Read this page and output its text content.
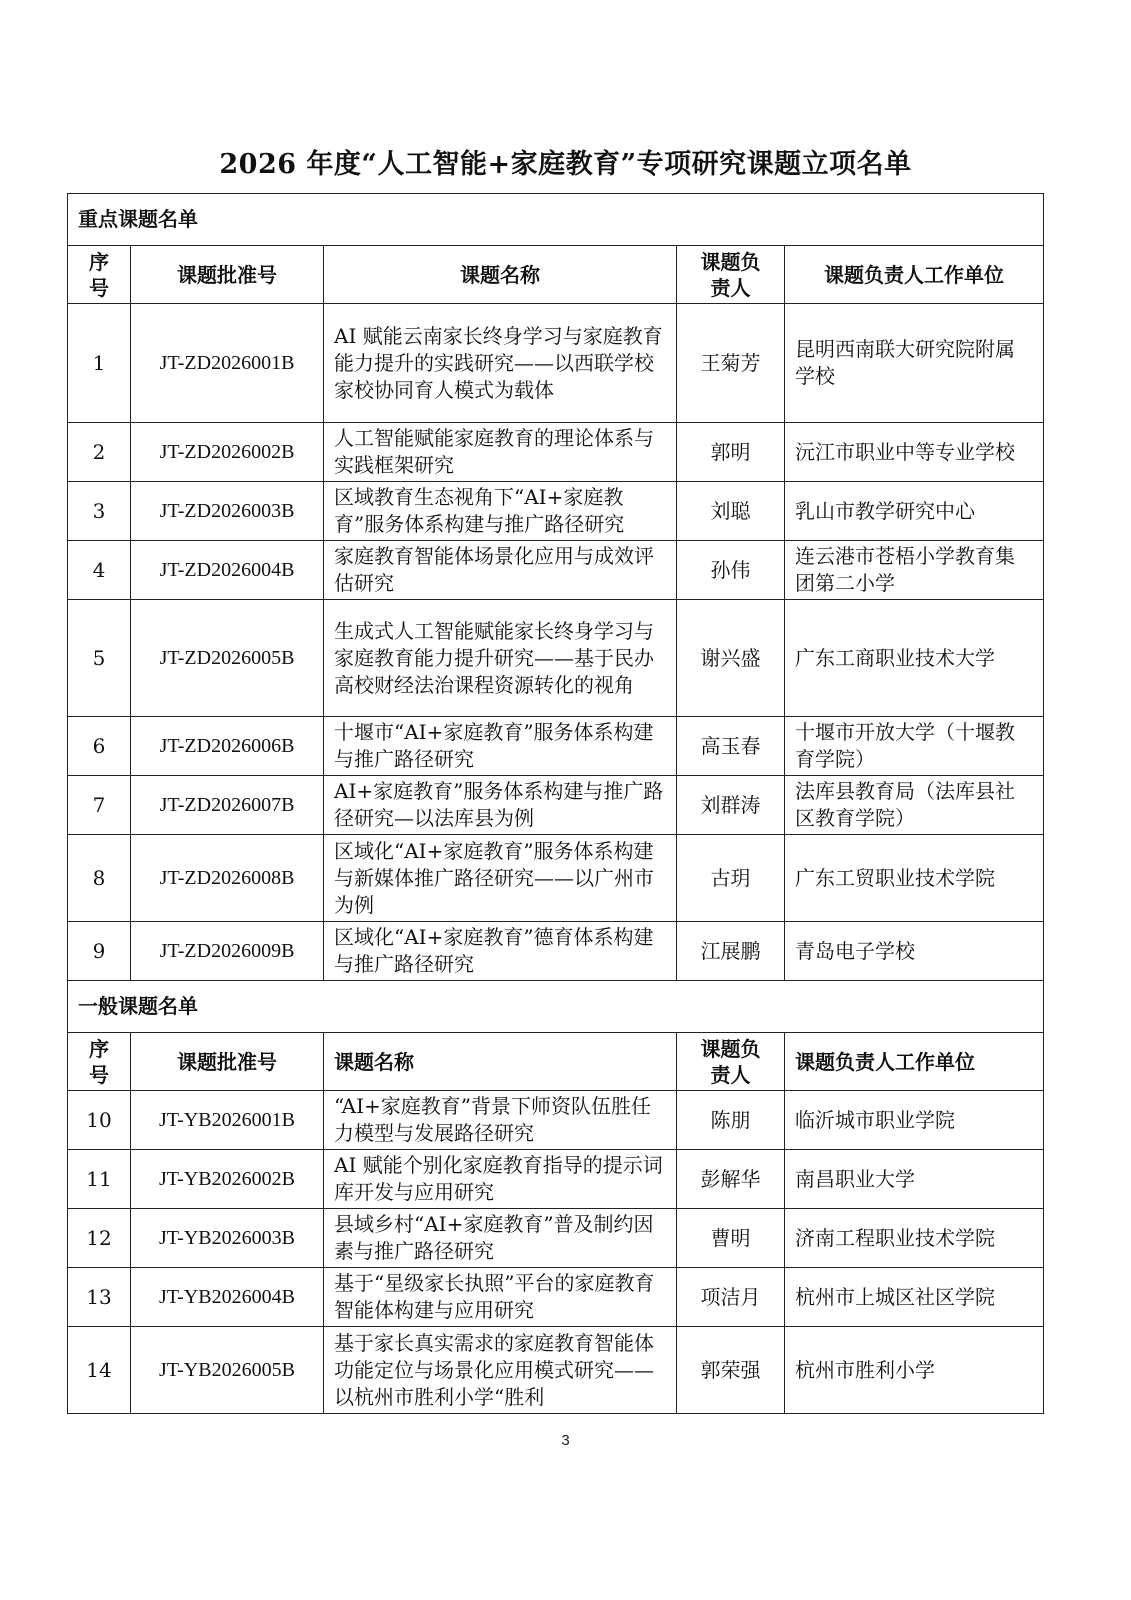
2026 年度“人工智能+家庭教育”专项研究课题立项名单
重点课题名单				
序号	课题批准号	课题名称	课题负责人	课题负责人工作单位
1	JT-ZD2026001B	AI 赋能云南家长终身学习与家庭教育能力提升的实践研究——以西联学校家校协同育人模式为载体	王菊芳	昆明西南联大研究院附属学校
2	JT-ZD2026002B	人工智能赋能家庭教育的理论体系与实践框架研究	郭明	沅江市职业中等专业学校
3	JT-ZD2026003B	区域教育生态视角下“AI+家庭教育”服务体系构建与推广路径研究	刘聪	乳山市教学研究中心
4	JT-ZD2026004B	家庭教育智能体场景化应用与成效评估研究	孙伟	连云港市苍梧小学教育集团第二小学
5	JT-ZD2026005B	生成式人工智能赋能家长终身学习与家庭教育能力提升研究——基于民办高校财经法治课程资源转化的视角	谢兴盛	广东工商职业技术大学
6	JT-ZD2026006B	十堰市“AI+家庭教育”服务体系构建与推广路径研究	高玉春	十堰市开放大学（十堰教育学院）
7	JT-ZD2026007B	AI+家庭教育”服务体系构建与推广路径研究—以法库县为例	刘群涛	法库县教育局（法库县社区教育学院）
8	JT-ZD2026008B	区域化“AI+家庭教育”服务体系构建与新媒体推广路径研究——以广州市为例	古玥	广东工贸职业技术学院
9	JT-ZD2026009B	区域化“AI+家庭教育”德育体系构建与推广路径研究	江展鹏	青岛电子学校
一般课题名单				
序号	课题批准号	课题名称	课题负责人	课题负责人工作单位
10	JT-YB2026001B	“AI+家庭教育”背景下师资队伍胜任力模型与发展路径研究	陈朋	临沂城市职业学院
11	JT-YB2026002B	AI 赋能个别化家庭教育指导的提示词库开发与应用研究	彭解华	南昌职业大学
12	JT-YB2026003B	县域乡村“AI+家庭教育”普及制约因素与推广路径研究	曹明	济南工程职业技术学院
13	JT-YB2026004B	基于“星级家长执照”平台的家庭教育智能体构建与应用研究	项洁月	杭州市上城区社区学院
14	JT-YB2026005B	基于家长真实需求的家庭教育智能体功能定位与场景化应用模式研究——以杭州市胜利小学“胜利	郭荣强	杭州市胜利小学
3
